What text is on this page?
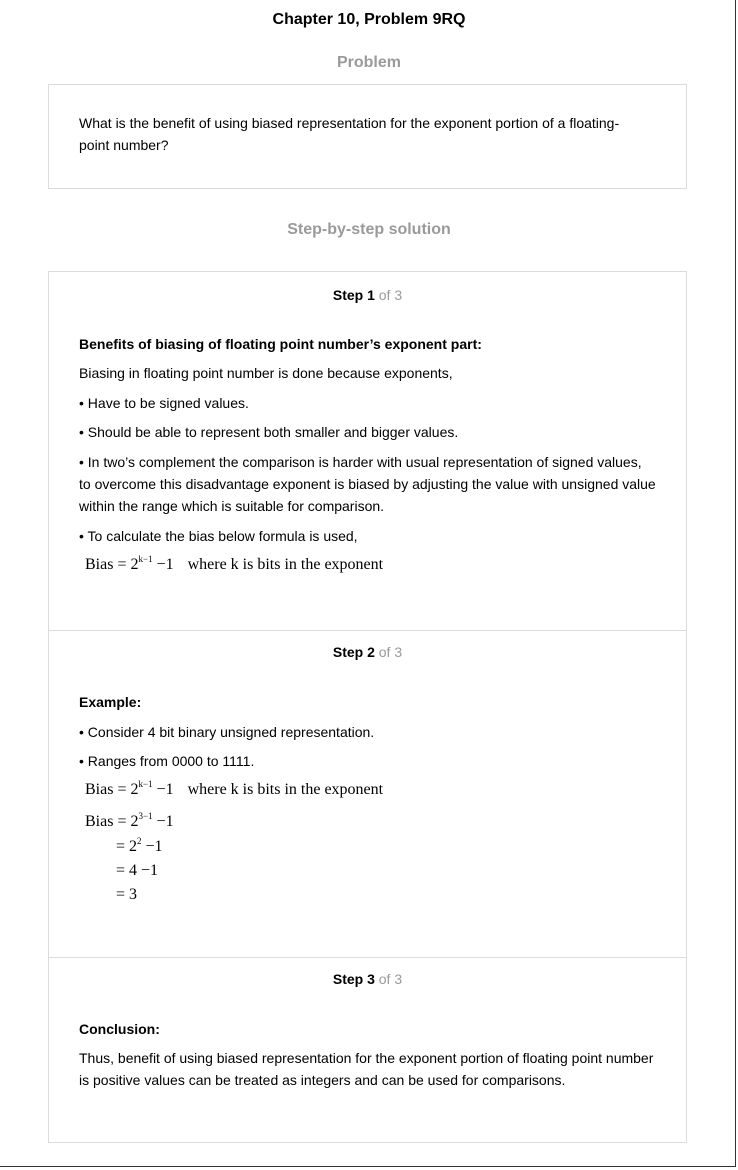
Chapter 10, Problem 9RQ
Problem
What is the benefit of using biased representation for the exponent portion of a floating-point number?
Step-by-step solution
Step 1 of 3
Benefits of biasing of floating point number’s exponent part:
Biasing in floating point number is done because exponents,
• Have to be signed values.
• Should be able to represent both smaller and bigger values.
• In two’s complement the comparison is harder with usual representation of signed values, to overcome this disadvantage exponent is biased by adjusting the value with unsigned value within the range which is suitable for comparison.
• To calculate the bias below formula is used,
Bias = $2^{k-1} -1$ where k is bits in the exponent
Step 2 of 3
Example:
• Consider 4 bit binary unsigned representation.
• Ranges from 0000 to 1111.
Bias = $2^{k-1} -1$ where k is bits in the exponent
Bias = $2^{3-1} -1$
= $2^2 -1$
= 4 −1
= 3
Step 3 of 3
Conclusion:
Thus, benefit of using biased representation for the exponent portion of floating point number is positive values can be treated as integers and can be used for comparisons.
